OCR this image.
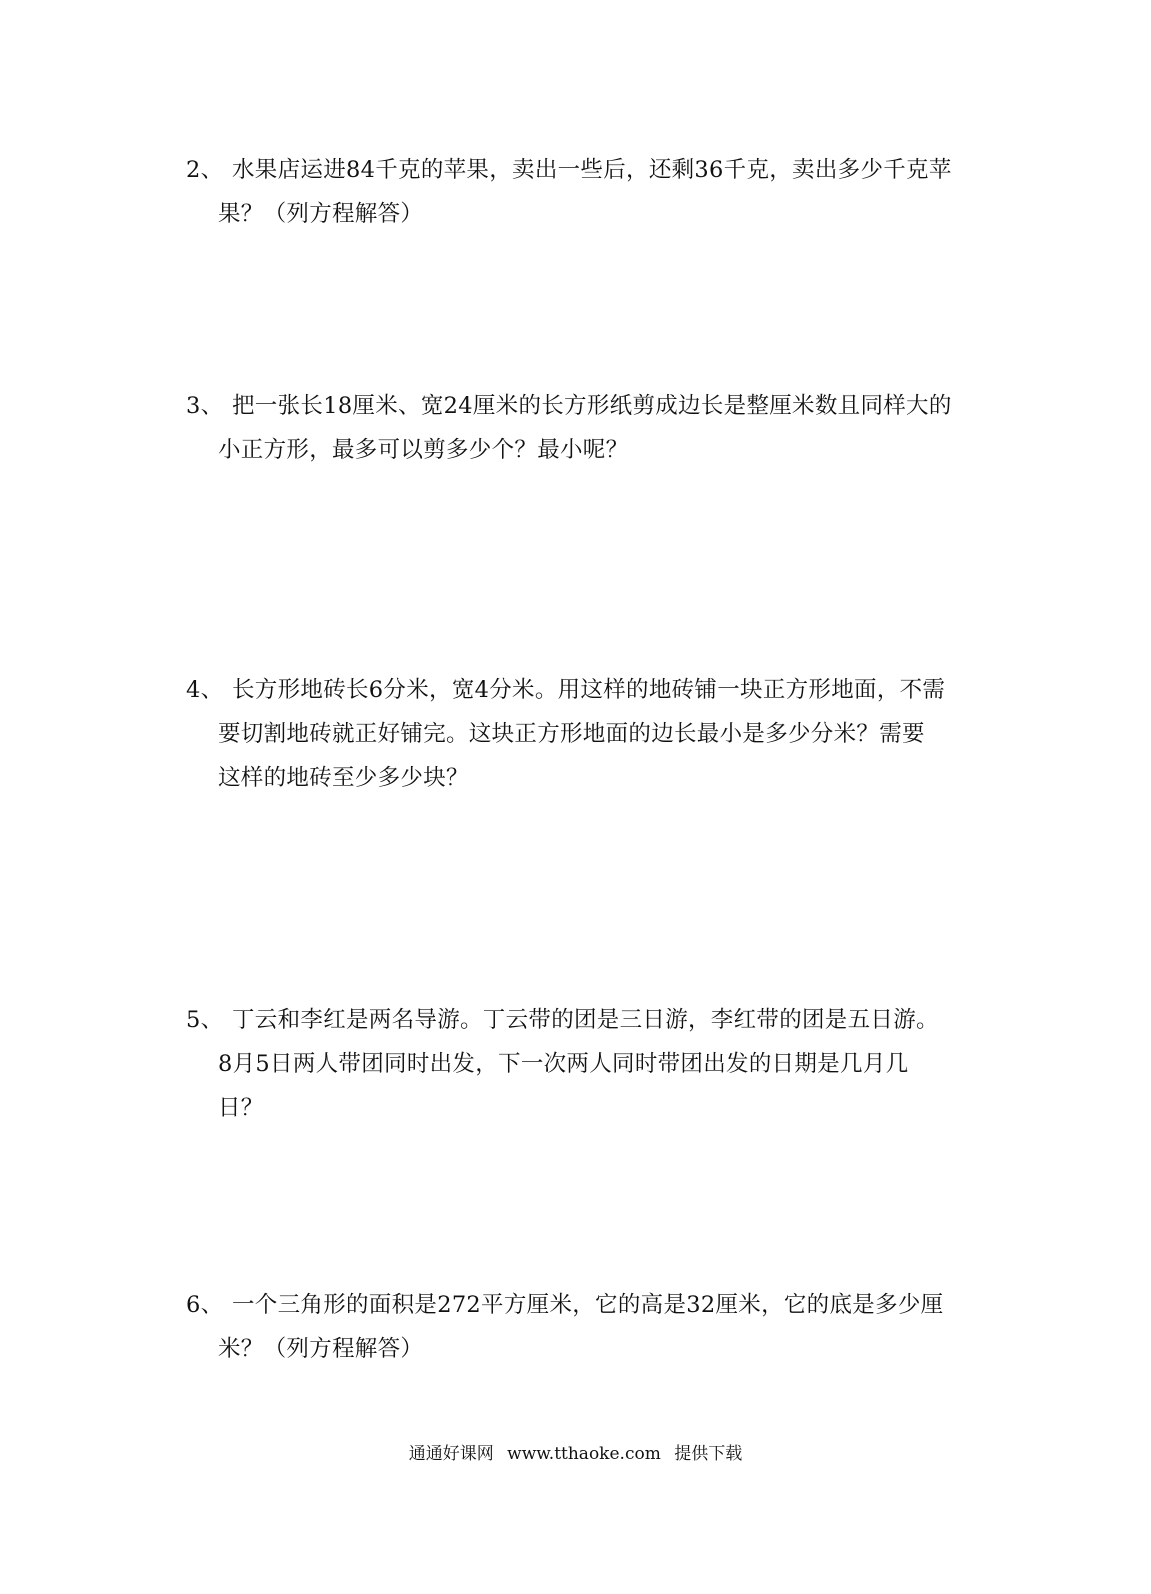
2、 水果店运进84千克的苹果，卖出一些后，还剩36千克，卖出多少千克苹
果？（列方程解答）
3、 把一张长18厘米、宽24厘米的长方形纸剪成边长是整厘米数且同样大的
小正方形，最多可以剪多少个？最小呢？
4、 长方形地砖长6分米，宽4分米。用这样的地砖铺一块正方形地面，不需
要切割地砖就正好铺完。这块正方形地面的边长最小是多少分米？需要
这样的地砖至少多少块？
5、 丁云和李红是两名导游。丁云带的团是三日游，李红带的团是五日游。
8月5日两人带团同时出发，下一次两人同时带团出发的日期是几月几
日？
6、 一个三角形的面积是272平方厘米，它的高是32厘米，它的底是多少厘
米？（列方程解答）
通通好课网 www.tthaoke.com 提供下载
